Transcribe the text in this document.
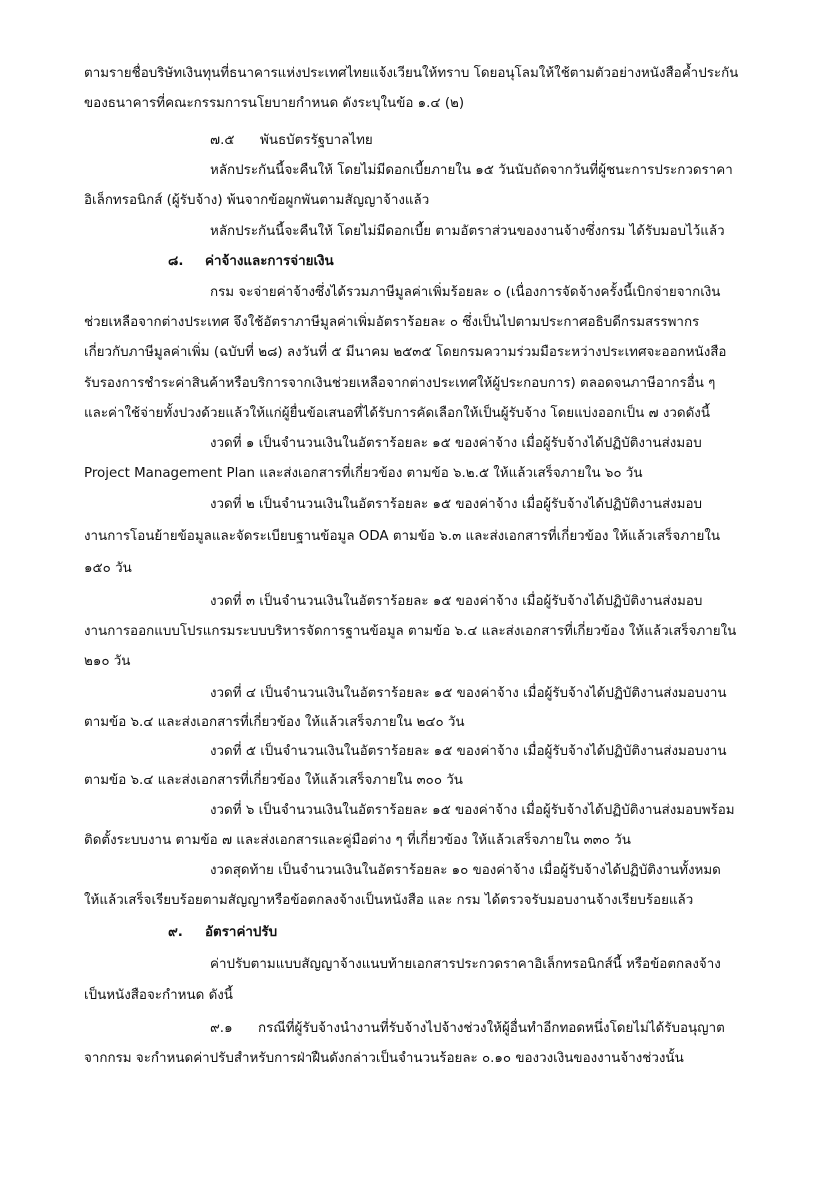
ตามรายชื่อบริษัทเงินทุนที่ธนาคารแห่งประเทศไทยแจ้งเวียนให้ทราบ โดยอนุโลมให้ใช้ตามตัวอย่างหนังสือค้ำประกัน
ของธนาคารที่คณะกรรมการนโยบายกำหนด ดังระบุในข้อ ๑.๔ (๒)
๗.๕ พันธบัตรรัฐบาลไทย
หลักประกันนี้จะคืนให้ โดยไม่มีดอกเบี้ยภายใน ๑๕ วันนับถัดจากวันที่ผู้ชนะการประกวดราคา
อิเล็กทรอนิกส์ (ผู้รับจ้าง) พ้นจากข้อผูกพันตามสัญญาจ้างแล้ว
หลักประกันนี้จะคืนให้ โดยไม่มีดอกเบี้ย ตามอัตราส่วนของงานจ้างซึ่งกรม ได้รับมอบไว้แล้ว
๘. ค่าจ้างและการจ่ายเงิน
กรม จะจ่ายค่าจ้างซึ่งได้รวมภาษีมูลค่าเพิ่มร้อยละ ๐ (เนื่องการจัดจ้างครั้งนี้เบิกจ่ายจากเงิน
ช่วยเหลือจากต่างประเทศ จึงใช้อัตราภาษีมูลค่าเพิ่มอัตราร้อยละ ๐ ซึ่งเป็นไปตามประกาศอธิบดีกรมสรรพากร
เกี่ยวกับภาษีมูลค่าเพิ่ม (ฉบับที่ ๒๘) ลงวันที่ ๕ มีนาคม ๒๕๓๕ โดยกรมความร่วมมือระหว่างประเทศจะออกหนังสือ
รับรองการชำระค่าสินค้าหรือบริการจากเงินช่วยเหลือจากต่างประเทศให้ผู้ประกอบการ) ตลอดจนภาษีอากรอื่น ๆ
และค่าใช้จ่ายทั้งปวงด้วยแล้วให้แก่ผู้ยื่นข้อเสนอที่ได้รับการคัดเลือกให้เป็นผู้รับจ้าง โดยแบ่งออกเป็น ๗ งวดดังนี้
งวดที่ ๑ เป็นจำนวนเงินในอัตราร้อยละ ๑๕ ของค่าจ้าง เมื่อผู้รับจ้างได้ปฏิบัติงานส่งมอบ
Project Management Plan และส่งเอกสารที่เกี่ยวข้อง ตามข้อ ๖.๒.๕ ให้แล้วเสร็จภายใน ๖๐ วัน
งวดที่ ๒ เป็นจำนวนเงินในอัตราร้อยละ ๑๕ ของค่าจ้าง เมื่อผู้รับจ้างได้ปฏิบัติงานส่งมอบ
งานการโอนย้ายข้อมูลและจัดระเบียบฐานข้อมูล ODA ตามข้อ ๖.๓ และส่งเอกสารที่เกี่ยวข้อง ให้แล้วเสร็จภายใน
๑๕๐ วัน
งวดที่ ๓ เป็นจำนวนเงินในอัตราร้อยละ ๑๕ ของค่าจ้าง เมื่อผู้รับจ้างได้ปฏิบัติงานส่งมอบ
งานการออกแบบโปรแกรมระบบบริหารจัดการฐานข้อมูล ตามข้อ ๖.๔ และส่งเอกสารที่เกี่ยวข้อง ให้แล้วเสร็จภายใน
๒๑๐ วัน
งวดที่ ๔ เป็นจำนวนเงินในอัตราร้อยละ ๑๕ ของค่าจ้าง เมื่อผู้รับจ้างได้ปฏิบัติงานส่งมอบงาน
ตามข้อ ๖.๔ และส่งเอกสารที่เกี่ยวข้อง ให้แล้วเสร็จภายใน ๒๔๐ วัน
งวดที่ ๕ เป็นจำนวนเงินในอัตราร้อยละ ๑๕ ของค่าจ้าง เมื่อผู้รับจ้างได้ปฏิบัติงานส่งมอบงาน
ตามข้อ ๖.๔ และส่งเอกสารที่เกี่ยวข้อง ให้แล้วเสร็จภายใน ๓๐๐ วัน
งวดที่ ๖ เป็นจำนวนเงินในอัตราร้อยละ ๑๕ ของค่าจ้าง เมื่อผู้รับจ้างได้ปฏิบัติงานส่งมอบพร้อม
ติดตั้งระบบงาน ตามข้อ ๗ และส่งเอกสารและคู่มือต่าง ๆ ที่เกี่ยวข้อง ให้แล้วเสร็จภายใน ๓๓๐ วัน
งวดสุดท้าย เป็นจำนวนเงินในอัตราร้อยละ ๑๐ ของค่าจ้าง เมื่อผู้รับจ้างได้ปฏิบัติงานทั้งหมด
ให้แล้วเสร็จเรียบร้อยตามสัญญาหรือข้อตกลงจ้างเป็นหนังสือ และ กรม ได้ตรวจรับมอบงานจ้างเรียบร้อยแล้ว
๙. อัตราค่าปรับ
ค่าปรับตามแบบสัญญาจ้างแนบท้ายเอกสารประกวดราคาอิเล็กทรอนิกส์นี้ หรือข้อตกลงจ้าง
เป็นหนังสือจะกำหนด ดังนี้
๙.๑ กรณีที่ผู้รับจ้างนำงานที่รับจ้างไปจ้างช่วงให้ผู้อื่นทำอีกทอดหนึ่งโดยไม่ได้รับอนุญาต
จากกรม จะกำหนดค่าปรับสำหรับการฝ่าฝืนดังกล่าวเป็นจำนวนร้อยละ ๐.๑๐ ของวงเงินของงานจ้างช่วงนั้น
